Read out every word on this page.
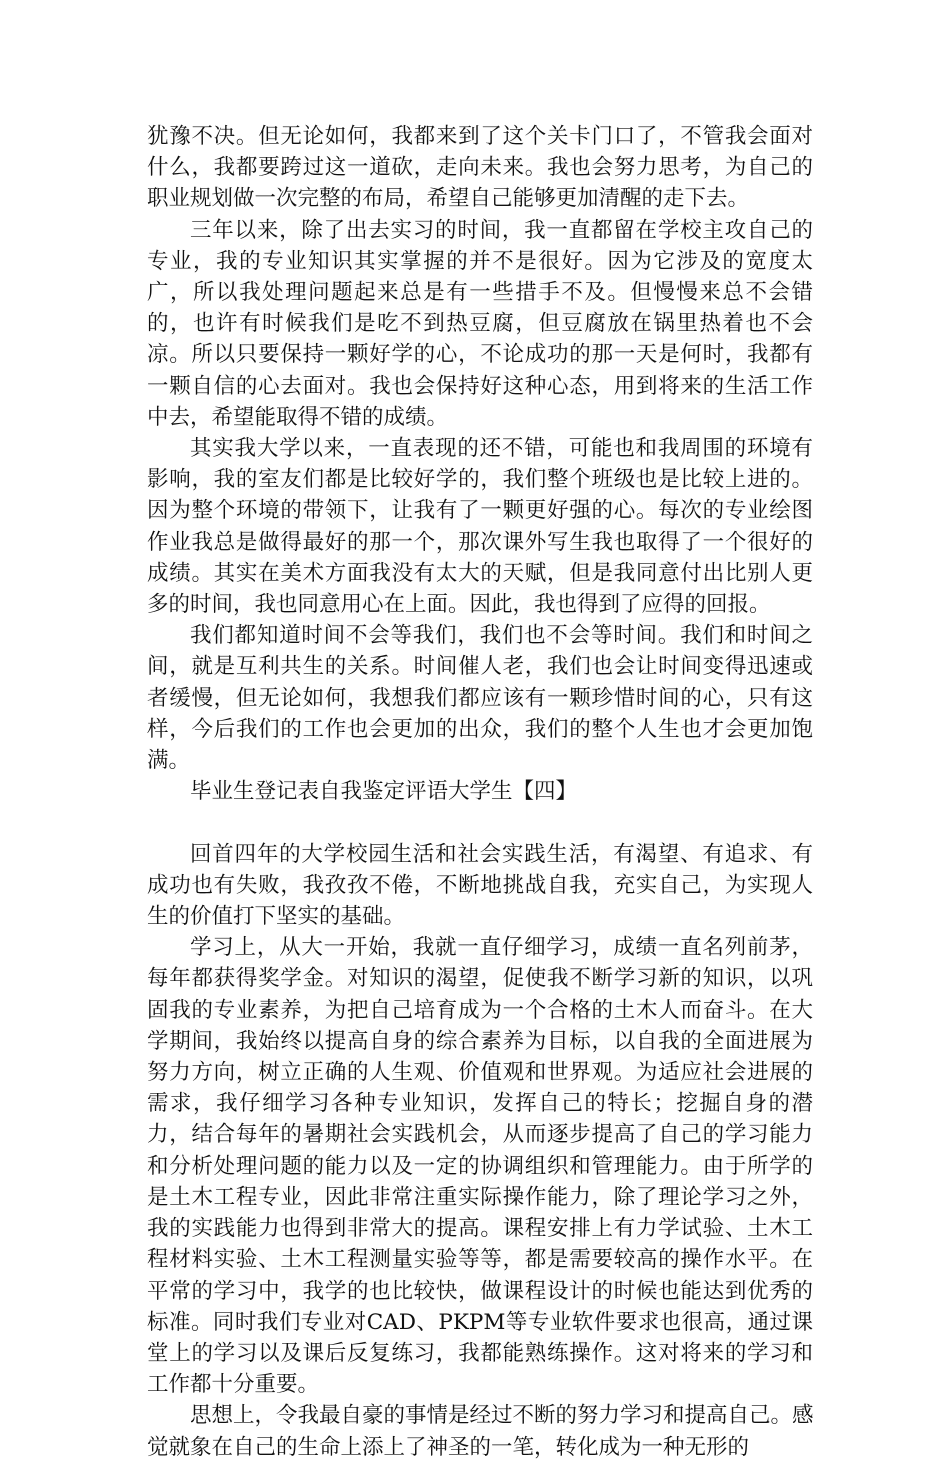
犹豫不决。但无论如何，我都来到了这个关卡门口了，不管我会面对什么，我都要跨过这一道砍，走向未来。我也会努力思考，为自己的职业规划做一次完整的布局，希望自己能够更加清醒的走下去。

三年以来，除了出去实习的时间，我一直都留在学校主攻自己的专业，我的专业知识其实掌握的并不是很好。因为它涉及的宽度太广，所以我处理问题起来总是有一些措手不及。但慢慢来总不会错的，也许有时候我们是吃不到热豆腐，但豆腐放在锅里热着也不会凉。所以只要保持一颗好学的心，不论成功的那一天是何时，我都有一颗自信的心去面对。我也会保持好这种心态，用到将来的生活工作中去，希望能取得不错的成绩。

其实我大学以来，一直表现的还不错，可能也和我周围的环境有影响，我的室友们都是比较好学的，我们整个班级也是比较上进的。因为整个环境的带领下，让我有了一颗更好强的心。每次的专业绘图作业我总是做得最好的那一个，那次课外写生我也取得了一个很好的成绩。其实在美术方面我没有太大的天赋，但是我同意付出比别人更多的时间，我也同意用心在上面。因此，我也得到了应得的回报。

我们都知道时间不会等我们，我们也不会等时间。我们和时间之间，就是互利共生的关系。时间催人老，我们也会让时间变得迅速或者缓慢，但无论如何，我想我们都应该有一颗珍惜时间的心，只有这样，今后我们的工作也会更加的出众，我们的整个人生也才会更加饱满。

毕业生登记表自我鉴定评语大学生【四】

回首四年的大学校园生活和社会实践生活，有渴望、有追求、有成功也有失败，我孜孜不倦，不断地挑战自我，充实自己，为实现人生的价值打下坚实的基础。

学习上，从大一开始，我就一直仔细学习，成绩一直名列前茅，每年都获得奖学金。对知识的渴望，促使我不断学习新的知识，以巩固我的专业素养，为把自己培育成为一个合格的土木人而奋斗。在大学期间，我始终以提高自身的综合素养为目标，以自我的全面进展为努力方向，树立正确的人生观、价值观和世界观。为适应社会进展的需求，我仔细学习各种专业知识，发挥自己的特长；挖掘自身的潜力，结合每年的暑期社会实践机会，从而逐步提高了自己的学习能力和分析处理问题的能力以及一定的协调组织和管理能力。由于所学的是土木工程专业，因此非常注重实际操作能力，除了理论学习之外，我的实践能力也得到非常大的提高。课程安排上有力学试验、土木工程材料实验、土木工程测量实验等等，都是需要较高的操作水平。在平常的学习中，我学的也比较快，做课程设计的时候也能达到优秀的标准。同时我们专业对CAD、PKPM等专业软件要求也很高，通过课堂上的学习以及课后反复练习，我都能熟练操作。这对将来的学习和工作都十分重要。

思想上，令我最自豪的事情是经过不断的努力学习和提高自己。感觉就象在自己的生命上添上了神圣的一笔，转化成为一种无形的
